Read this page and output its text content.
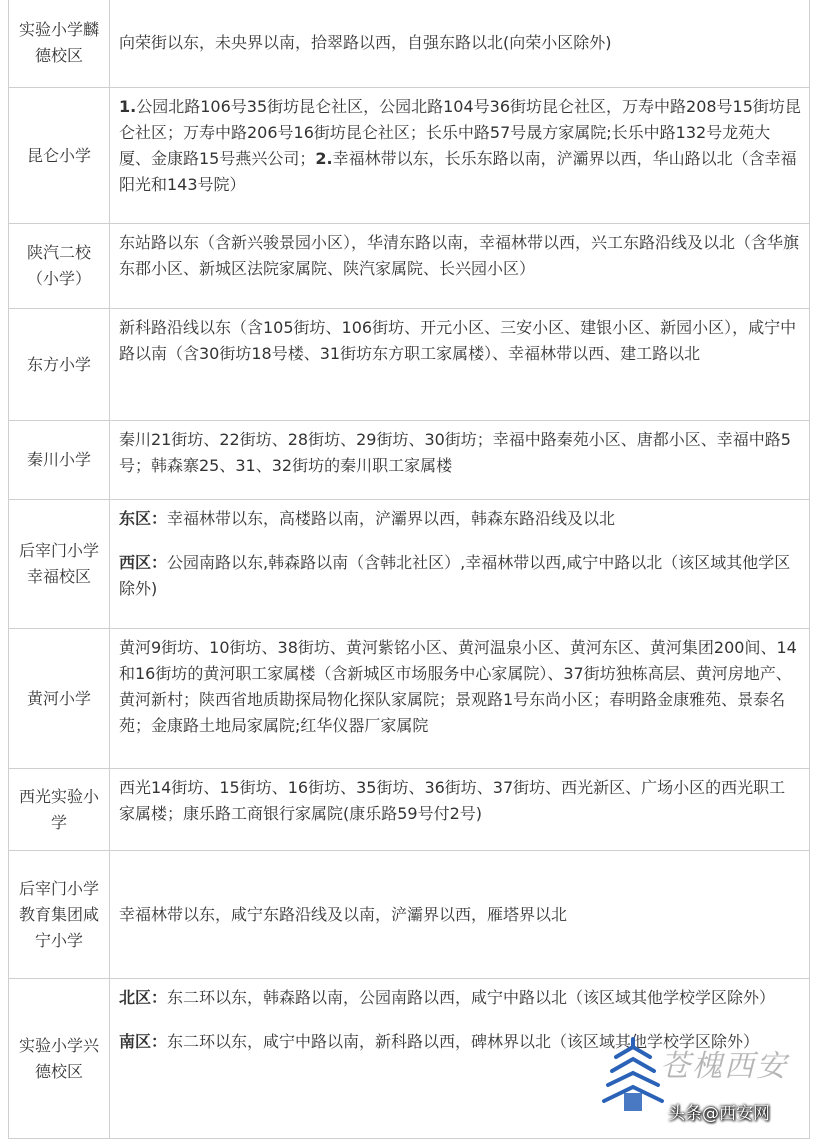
实验小学麟德校区	向荣街以东，未央界以南，拾翠路以西，自强东路以北(向荣小区除外)

昆仑小学	1.公园北路106号35街坊昆仑社区，公园北路104号36街坊昆仑社区，万寿中路208号15街坊昆仑社区；万寿中路206号16街坊昆仑社区；长乐中路57号晟方家属院;长乐中路132号龙苑大厦、金康路15号燕兴公司；2.幸福林带以东，长乐东路以南，浐灞界以西，华山路以北（含幸福阳光和143号院）

陕汽二校（小学）	东站路以东（含新兴骏景园小区），华清东路以南，幸福林带以西，兴工东路沿线及以北（含华旗东郡小区、新城区法院家属院、陕汽家属院、长兴园小区）

东方小学	新科路沿线以东（含105街坊、106街坊、开元小区、三安小区、建银小区、新园小区），咸宁中路以南（含30街坊18号楼、31街坊东方职工家属楼）、幸福林带以西、建工路以北

秦川小学	秦川21街坊、22街坊、28街坊、29街坊、30街坊；幸福中路秦苑小区、唐都小区、幸福中路5号；韩森寨25、31、32街坊的秦川职工家属楼

后宰门小学幸福校区	东区：幸福林带以东，高楼路以南，浐灞界以西，韩森东路沿线及以北

西区：公园南路以东,韩森路以南（含韩北社区）,幸福林带以西,咸宁中路以北（该区域其他学区除外)

黄河小学	黄河9街坊、10街坊、38街坊、黄河紫铭小区、黄河温泉小区、黄河东区、黄河集团200间、14和16街坊的黄河职工家属楼（含新城区市场服务中心家属院）、37街坊独栋高层、黄河房地产、黄河新村；陕西省地质勘探局物化探队家属院；景观路1号东尚小区；春明路金康雅苑、景泰名苑；金康路土地局家属院;红华仪器厂家属院

西光实验小学	西光14街坊、15街坊、16街坊、35街坊、36街坊、37街坊、西光新区、广场小区的西光职工家属楼；康乐路工商银行家属院(康乐路59号付2号)

后宰门小学教育集团咸宁小学	幸福林带以东，咸宁东路沿线及以南，浐灞界以西，雁塔界以北

实验小学兴德校区	北区：东二环以东，韩森路以南，公园南路以西，咸宁中路以北（该区域其他学校学区除外）

南区：东二环以东，咸宁中路以南，新科路以西，碑林界以北（该区域其他学校学区除外）

苍槐西安
头条@西安网
